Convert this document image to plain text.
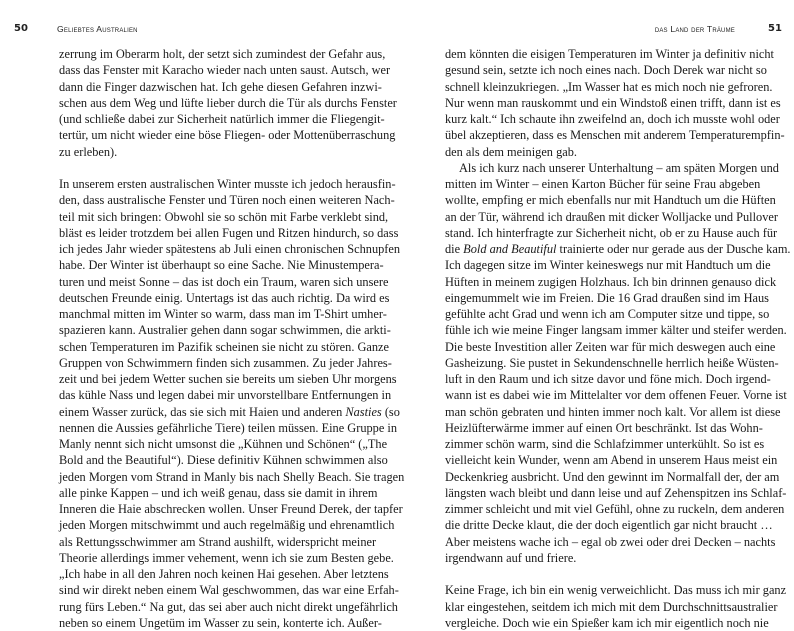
50	Geliebtes Australien
zerrung im Oberarm holt, der setzt sich zumindest der Gefahr aus,
dass das Fenster mit Karacho wieder nach unten saust. Autsch, wer
dann die Finger dazwischen hat. Ich gehe diesen Gefahren inzwi-
schen aus dem Weg und lüfte lieber durch die Tür als durchs Fenster
(und schließe dabei zur Sicherheit natürlich immer die Fliegengit-
tertür, um nicht wieder eine böse Fliegen- oder Mottenüberraschung
zu erleben).
In unserem ersten australischen Winter musste ich jedoch herausfin-
den, dass australische Fenster und Türen noch einen weiteren Nach-
teil mit sich bringen: Obwohl sie so schön mit Farbe verklebt sind,
bläst es leider trotzdem bei allen Fugen und Ritzen hindurch, so dass
ich jedes Jahr wieder spätestens ab Juli einen chronischen Schnupfen
habe. Der Winter ist überhaupt so eine Sache. Nie Minustempera-
turen und meist Sonne – das ist doch ein Traum, waren sich unsere
deutschen Freunde einig. Untertags ist das auch richtig. Da wird es
manchmal mitten im Winter so warm, dass man im T-Shirt umher-
spazieren kann. Australier gehen dann sogar schwimmen, die arkti-
schen Temperaturen im Pazifik scheinen sie nicht zu stören. Ganze
Gruppen von Schwimmern finden sich zusammen. Zu jeder Jahres-
zeit und bei jedem Wetter suchen sie bereits um sieben Uhr morgens
das kühle Nass und legen dabei mir unvorstellbare Entfernungen in
einem Wasser zurück, das sie sich mit Haien und anderen Nasties (so
nennen die Aussies gefährliche Tiere) teilen müssen. Eine Gruppe in
Manly nennt sich nicht umsonst die „Kühnen und Schönen“ („The
Bold and the Beautiful“). Diese definitiv Kühnen schwimmen also
jeden Morgen vom Strand in Manly bis nach Shelly Beach. Sie tragen
alle pinke Kappen – und ich weiß genau, dass sie damit in ihrem
Inneren die Haie abschrecken wollen. Unser Freund Derek, der tapfer
jeden Morgen mitschwimmt und auch regelmäßig und ehrenamtlich
als Rettungsschwimmer am Strand aushilft, widerspricht meiner
Theorie allerdings immer vehement, wenn ich sie zum Besten gebe.
„Ich habe in all den Jahren noch keinen Hai gesehen. Aber letztens
sind wir direkt neben einem Wal geschwommen, das war eine Erfah-
rung fürs Leben.“ Na gut, das sei aber auch nicht direkt ungefährlich
neben so einem Ungetüm im Wasser zu sein, konterte ich. Außer-
das Land der Träume	51
dem könnten die eisigen Temperaturen im Winter ja definitiv nicht
gesund sein, setzte ich noch eines nach. Doch Derek war nicht so
schnell kleinzukriegen. „Im Wasser hat es mich noch nie gefroren.
Nur wenn man rauskommt und ein Windstoß einen trifft, dann ist es
kurz kalt.“ Ich schaute ihn zweifelnd an, doch ich musste wohl oder
übel akzeptieren, dass es Menschen mit anderem Temperaturempfin-
den als dem meinigen gab.
Als ich kurz nach unserer Unterhaltung – am späten Morgen und
mitten im Winter – einen Karton Bücher für seine Frau abgeben
wollte, empfing er mich ebenfalls nur mit Handtuch um die Hüften
an der Tür, während ich draußen mit dicker Wolljacke und Pullover
stand. Ich hinterfragte zur Sicherheit nicht, ob er zu Hause auch für
die Bold and Beautiful trainierte oder nur gerade aus der Dusche kam.
Ich dagegen sitze im Winter keineswegs nur mit Handtuch um die
Hüften in meinem zugigen Holzhaus. Ich bin drinnen genauso dick
eingemummelt wie im Freien. Die 16 Grad draußen sind im Haus
gefühlte acht Grad und wenn ich am Computer sitze und tippe, so
fühle ich wie meine Finger langsam immer kälter und steifer werden.
Die beste Investition aller Zeiten war für mich deswegen auch eine
Gasheizung. Sie pustet in Sekundenschnelle herrlich heiße Wüsten-
luft in den Raum und ich sitze davor und föne mich. Doch irgend-
wann ist es dabei wie im Mittelalter vor dem offenen Feuer. Vorne ist
man schön gebraten und hinten immer noch kalt. Vor allem ist diese
Heizlüfterwärme immer auf einen Ort beschränkt. Ist das Wohn-
zimmer schön warm, sind die Schlafzimmer unterkühlt. So ist es
vielleicht kein Wunder, wenn am Abend in unserem Haus meist ein
Deckenkrieg ausbricht. Und den gewinnt im Normalfall der, der am
längsten wach bleibt und dann leise und auf Zehenspitzen ins Schlaf-
zimmer schleicht und mit viel Gefühl, ohne zu ruckeln, dem anderen
die dritte Decke klaut, die der doch eigentlich gar nicht braucht …
Aber meistens wache ich – egal ob zwei oder drei Decken – nachts
irgendwann auf und friere.
Keine Frage, ich bin ein wenig verweichlicht. Das muss ich mir ganz
klar eingestehen, seitdem ich mich mit dem Durchschnittsaustralier
vergleiche. Doch wie ein Spießer kam ich mir eigentlich noch nie
